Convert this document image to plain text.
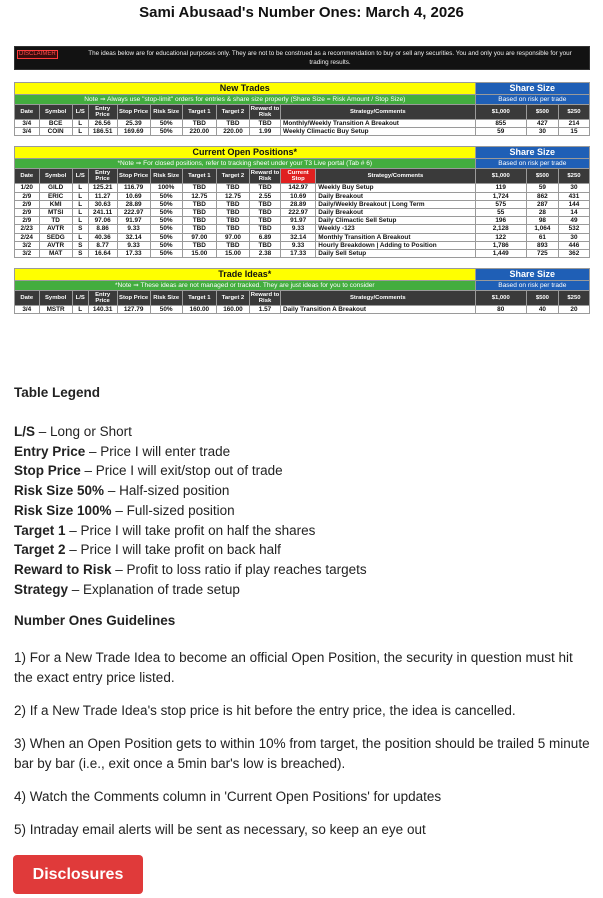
Sami Abusaad's Number Ones: March 4, 2026
DISCLAIMER	The ideas below are for educational purposes only. They are not to be construed as a recommendation to buy or sell any securities. You and only you are responsible for your trading results.
New Trades										Share Size		
Note ⇒ Always use "stop-limit" orders for entries & share size properly (Share Size = Risk Amount / Stop Size)										Based on risk per trade		
Date	Symbol	L/S	Entry Price	Stop Price	Risk Size	Target 1	Target 2	Reward to Risk	Strategy/Comments	$1,000	$500	$250
3/4	BCE	L	26.56	25.39	50%	TBD	TBD	TBD	Monthly/Weekly Transition A Breakout	855	427	214
3/4	COIN	L	186.51	169.69	50%	220.00	220.00	1.99	Weekly Climactic Buy Setup	59	30	15
Current Open Positions*											Share Size		
*Note ⇒ For closed positions, refer to tracking sheet under your T3 Live portal (Tab # 6)											Based on risk per trade		
Date	Symbol	L/S	Entry Price	Stop Price	Risk Size	Target 1	Target 2	Reward to Risk	Current Stop	Strategy/Comments	$1,000	$500	$250
1/20	GILD	L	125.21	116.79	100%	TBD	TBD	TBD	142.97	Weekly Buy Setup	119	59	30
2/9	ERIC	L	11.27	10.69	50%	12.75	12.75	2.55	10.69	Daily Breakout	1,724	862	431
2/9	KMI	L	30.63	28.89	50%	TBD	TBD	TBD	28.89	Daily/Weekly Breakout | Long Term	575	287	144
2/9	MTSI	L	241.11	222.97	50%	TBD	TBD	TBD	222.97	Daily Breakout	55	28	14
2/9	TD	L	97.06	91.97	50%	TBD	TBD	TBD	91.97	Daily Climactic Sell Setup	196	98	49
2/23	AVTR	S	8.86	9.33	50%	TBD	TBD	TBD	9.33	Weekly -123	2,128	1,064	532
2/24	SEDG	L	40.36	32.14	50%	97.00	97.00	6.89	32.14	Monthly Transition A Breakout	122	61	30
3/2	AVTR	S	8.77	9.33	50%	TBD	TBD	TBD	9.33	Hourly Breakdown | Adding to Position	1,786	893	446
3/2	MAT	S	16.64	17.33	50%	15.00	15.00	2.38	17.33	Daily Sell Setup	1,449	725	362
Trade Ideas*										Share Size		
*Note ⇒ These ideas are not managed or tracked. They are just ideas for you to consider										Based on risk per trade		
Date	Symbol	L/S	Entry Price	Stop Price	Risk Size	Target 1	Target 2	Reward to Risk	Strategy/Comments	$1,000	$500	$250
3/4	MSTR	L	140.31	127.79	50%	160.00	160.00	1.57	Daily Transition A Breakout	80	40	20

Table Legend

L/S – Long or Short

Entry Price – Price I will enter trade

Stop Price – Price I will exit/stop out of trade

Risk Size 50% – Half-sized position

Risk Size 100% – Full-sized position

Target 1 – Price I will take profit on half the shares

Target 2 – Price I will take profit on back half

Reward to Risk – Profit to loss ratio if play reaches targets

Strategy – Explanation of trade setup

Number Ones Guidelines

1) For a New Trade Idea to become an official Open Position, the security in question must hit the exact entry price listed.

2) If a New Trade Idea's stop price is hit before the entry price, the idea is cancelled.

3) When an Open Position gets to within 10% from target, the position should be trailed 5 minute bar by bar (i.e., exit once a 5min bar's low is breached).

4) Watch the Comments column in 'Current Open Positions' for updates

5) Intraday email alerts will be sent as necessary, so keep an eye out

Disclosures
